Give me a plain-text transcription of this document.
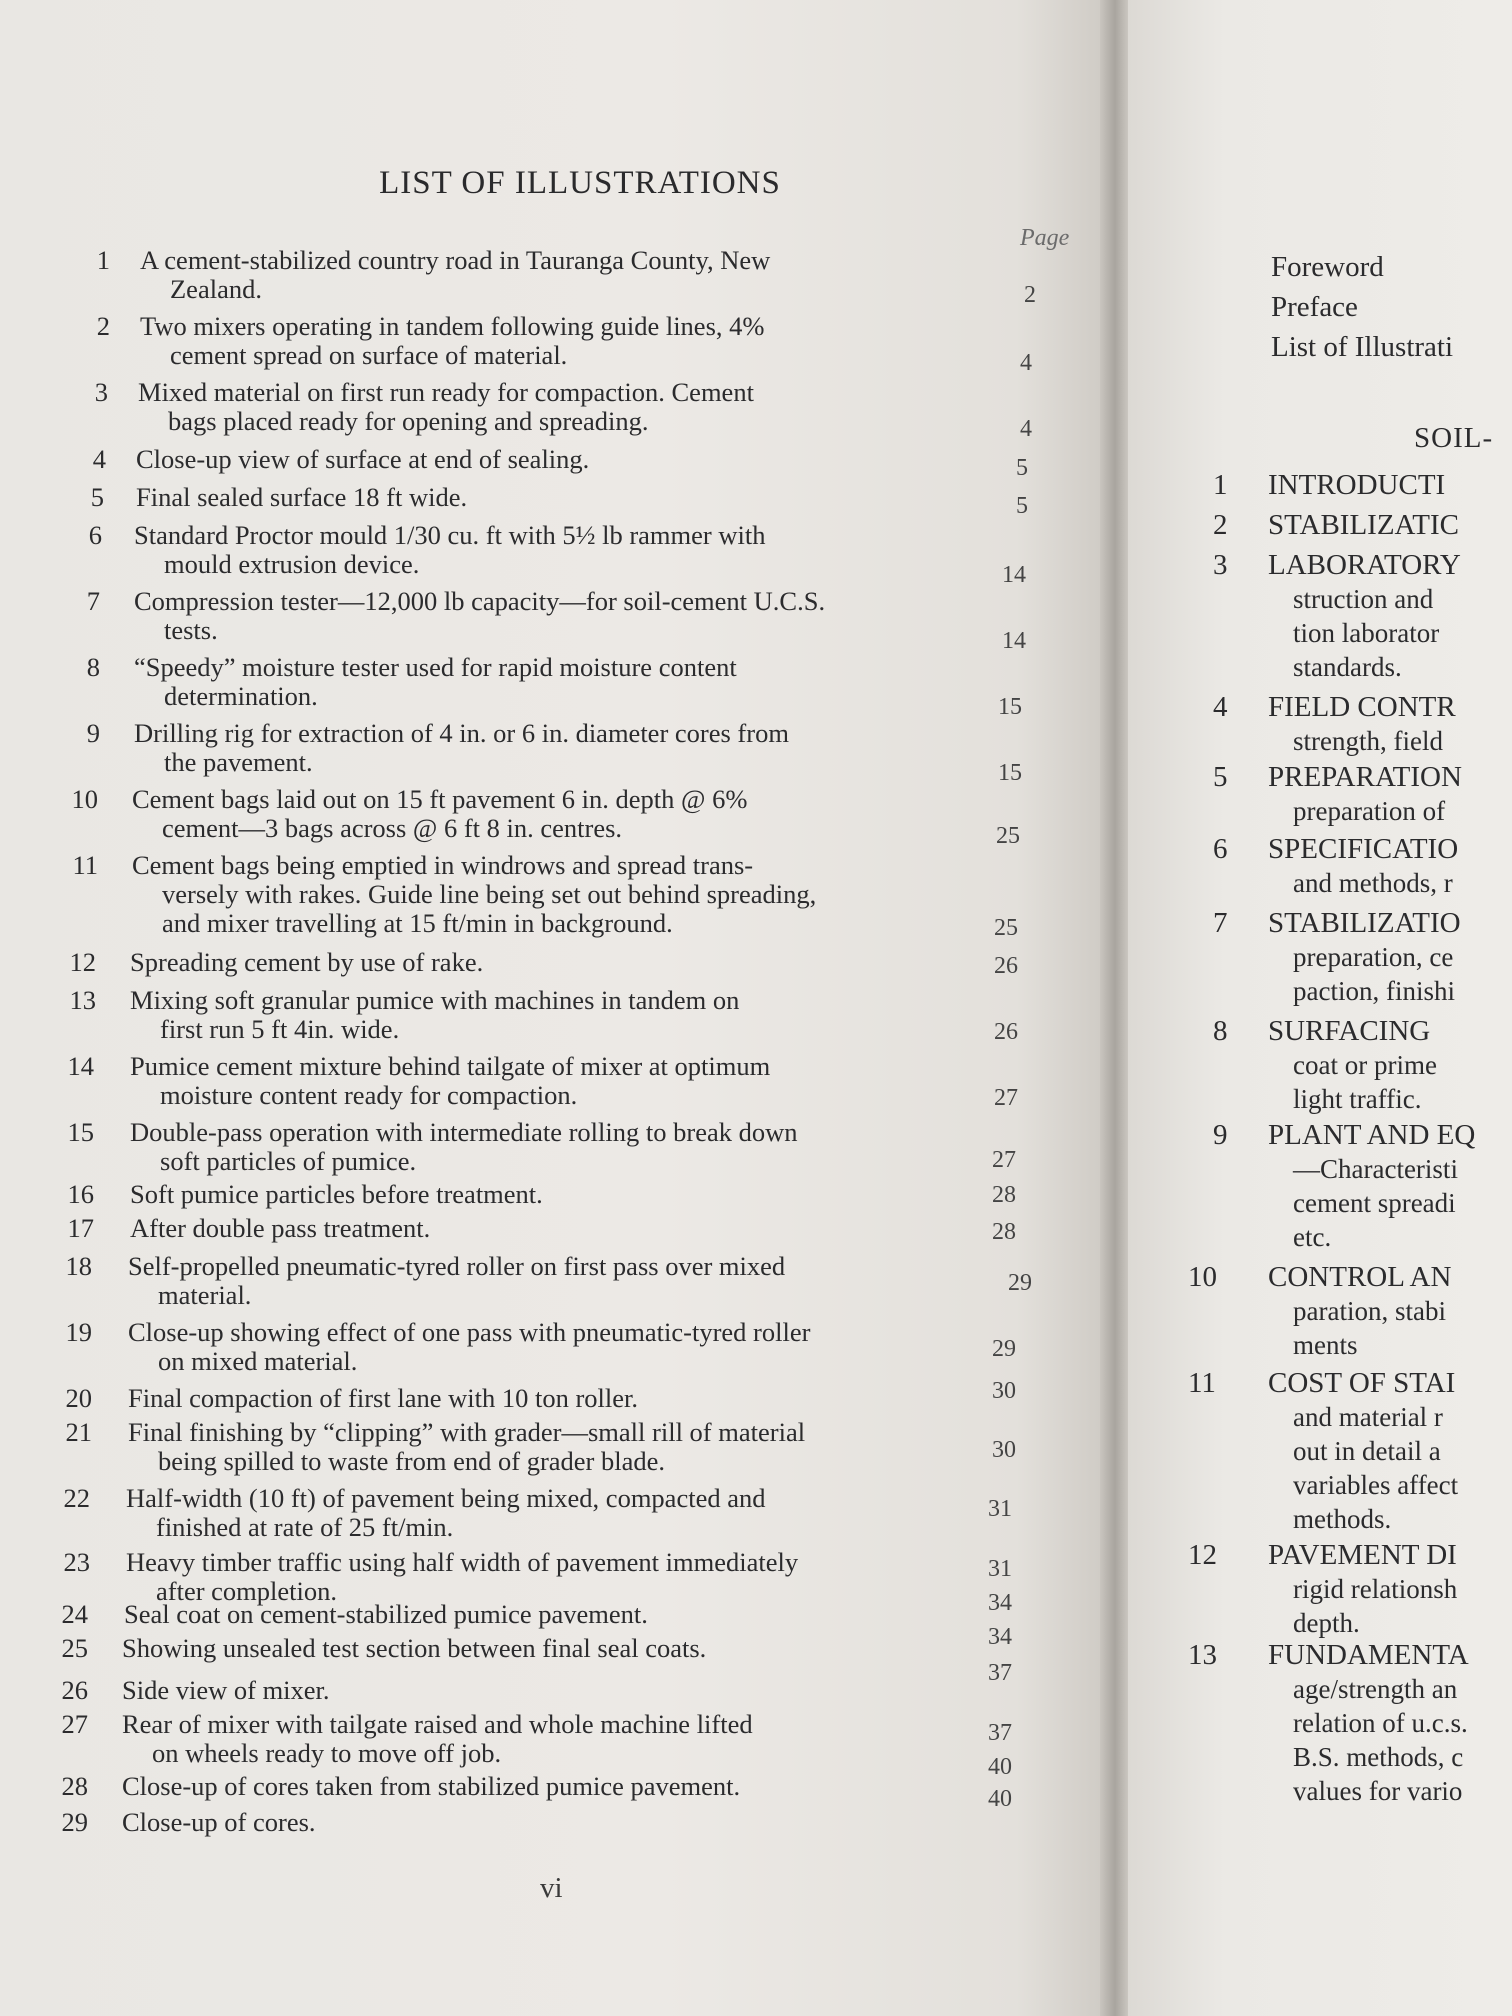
LIST OF ILLUSTRATIONS
Page
1 A cement-stabilized country road in Tauranga County, New
Zealand.
2 Two mixers operating in tandem following guide lines, 4%
cement spread on surface of material.
3 Mixed material on first run ready for compaction. Cement
bags placed ready for opening and spreading.
4 Close-up view of surface at end of sealing.
5 Final sealed surface 18 ft wide.
6 Standard Proctor mould 1/30 cu. ft with 5½ lb rammer with
mould extrusion device.
7 Compression tester—12,000 lb capacity—for soil-cement U.C.S.
tests.
8 “Speedy” moisture tester used for rapid moisture content
determination.
9 Drilling rig for extraction of 4 in. or 6 in. diameter cores from
the pavement.
10 Cement bags laid out on 15 ft pavement 6 in. depth @ 6%
cement—3 bags across @ 6 ft 8 in. centres.
11 Cement bags being emptied in windrows and spread trans-
versely with rakes. Guide line being set out behind spreading,
and mixer travelling at 15 ft/min in background.
12 Spreading cement by use of rake.
13 Mixing soft granular pumice with machines in tandem on
first run 5 ft 4in. wide.
14 Pumice cement mixture behind tailgate of mixer at optimum
moisture content ready for compaction.
15 Double-pass operation with intermediate rolling to break down
soft particles of pumice.
16 Soft pumice particles before treatment.
17 After double pass treatment.
18 Self-propelled pneumatic-tyred roller on first pass over mixed
material.
19 Close-up showing effect of one pass with pneumatic-tyred roller
on mixed material.
20 Final compaction of first lane with 10 ton roller.
21 Final finishing by “clipping” with grader—small rill of material
being spilled to waste from end of grader blade.
22 Half-width (10 ft) of pavement being mixed, compacted and
finished at rate of 25 ft/min.
23 Heavy timber traffic using half width of pavement immediately
after completion.
24 Seal coat on cement-stabilized pumice pavement.
25 Showing unsealed test section between final seal coats.
26 Side view of mixer.
27 Rear of mixer with tailgate raised and whole machine lifted
on wheels ready to move off job.
28 Close-up of cores taken from stabilized pumice pavement.
29 Close-up of cores.
vi
Foreword
Preface
List of Illustrati
SOIL-
1 INTRODUCTI
2 STABILIZATIC
3 LABORATORY
struction and
tion laborator
standards.
4 FIELD CONTR
strength, field
5 PREPARATION
preparation of
6 SPECIFICATIO
and methods, r
7 STABILIZATIO
preparation, ce
paction, finishi
8 SURFACING
coat or prime
light traffic.
9 PLANT AND EQ
—Characteristi
cement spreadi
etc.
10 CONTROL AN
paration, stabi
ments
11 COST OF STAI
and material r
out in detail a
variables affect
methods.
12 PAVEMENT DI
rigid relationsh
depth.
13 FUNDAMENTA
age/strength an
relation of u.c.s.
B.S. methods, c
values for vario
2
4
4
5
5
14
14
15
15
25
25
26
26
27
27
28
28
29
29
30
30
31
31
34
34
37
37
40
40
